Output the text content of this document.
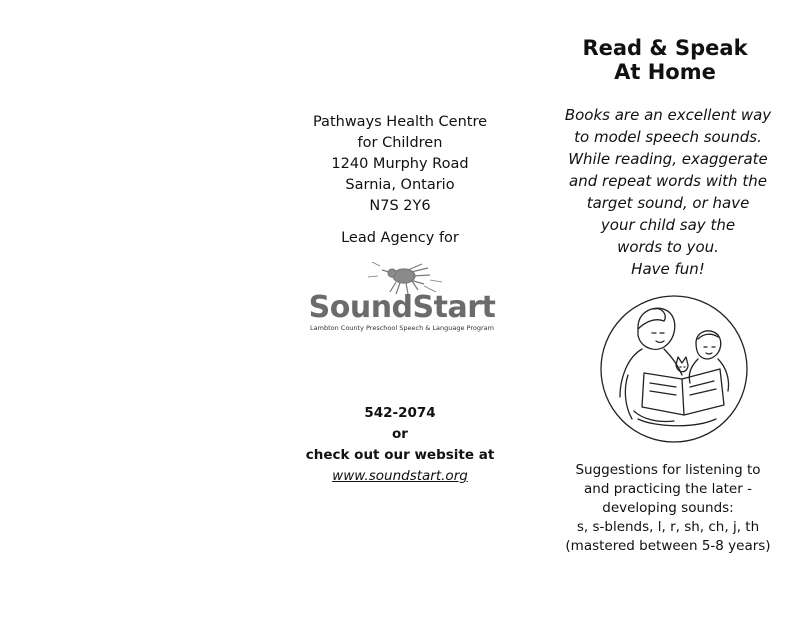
Pathways Health Centre
for Children
1240 Murphy Road
Sarnia, Ontario
N7S 2Y6
Lead Agency for
SoundStart
Lambton County Preschool Speech & Language Program
542-2074
or
check out our website at
www.soundstart.org
Read & Speak
At Home
Books are an excellent way
to model speech sounds.
While reading, exaggerate
and repeat words with the
target sound, or have
your child say the
words to you.
Have fun!
Suggestions for listening to
and practicing the later -
developing sounds:
s, s-blends, l, r, sh, ch, j, th
(mastered between 5-8 years)
